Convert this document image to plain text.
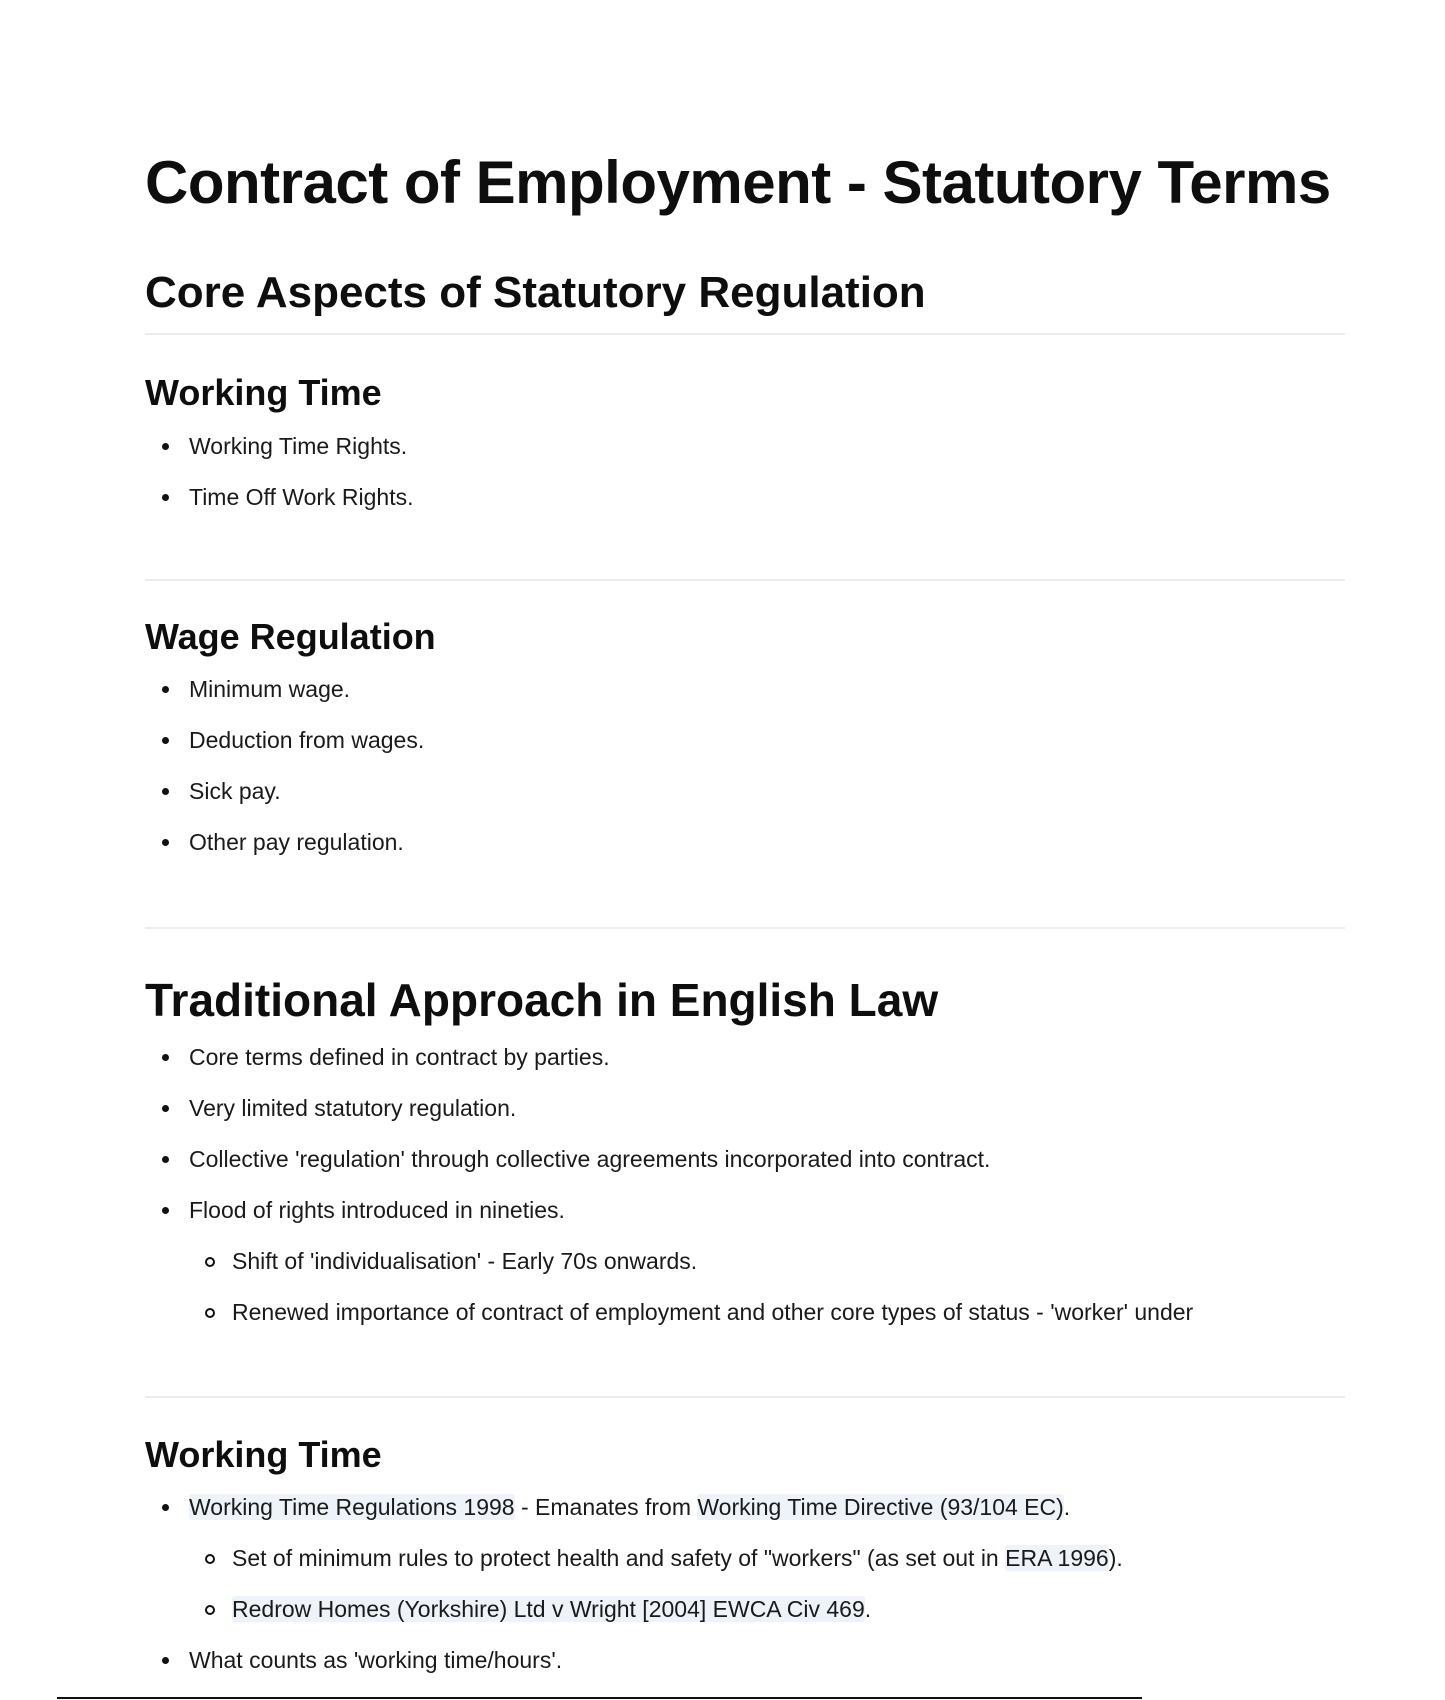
Contract of Employment - Statutory Terms
Core Aspects of Statutory Regulation
Working Time
Working Time Rights.
Time Off Work Rights.
Wage Regulation
Minimum wage.
Deduction from wages.
Sick pay.
Other pay regulation.
Traditional Approach in English Law
Core terms defined in contract by parties.
Very limited statutory regulation.
Collective 'regulation' through collective agreements incorporated into contract.
Flood of rights introduced in nineties.
Shift of 'individualisation' - Early 70s onwards.
Renewed importance of contract of employment and other core types of status - 'worker' under
Working Time
Working Time Regulations 1998 - Emanates from Working Time Directive (93/104 EC).
Set of minimum rules to protect health and safety of "workers" (as set out in ERA 1996).
Redrow Homes (Yorkshire) Ltd v Wright [2004] EWCA Civ 469.
What counts as 'working time/hours'.
